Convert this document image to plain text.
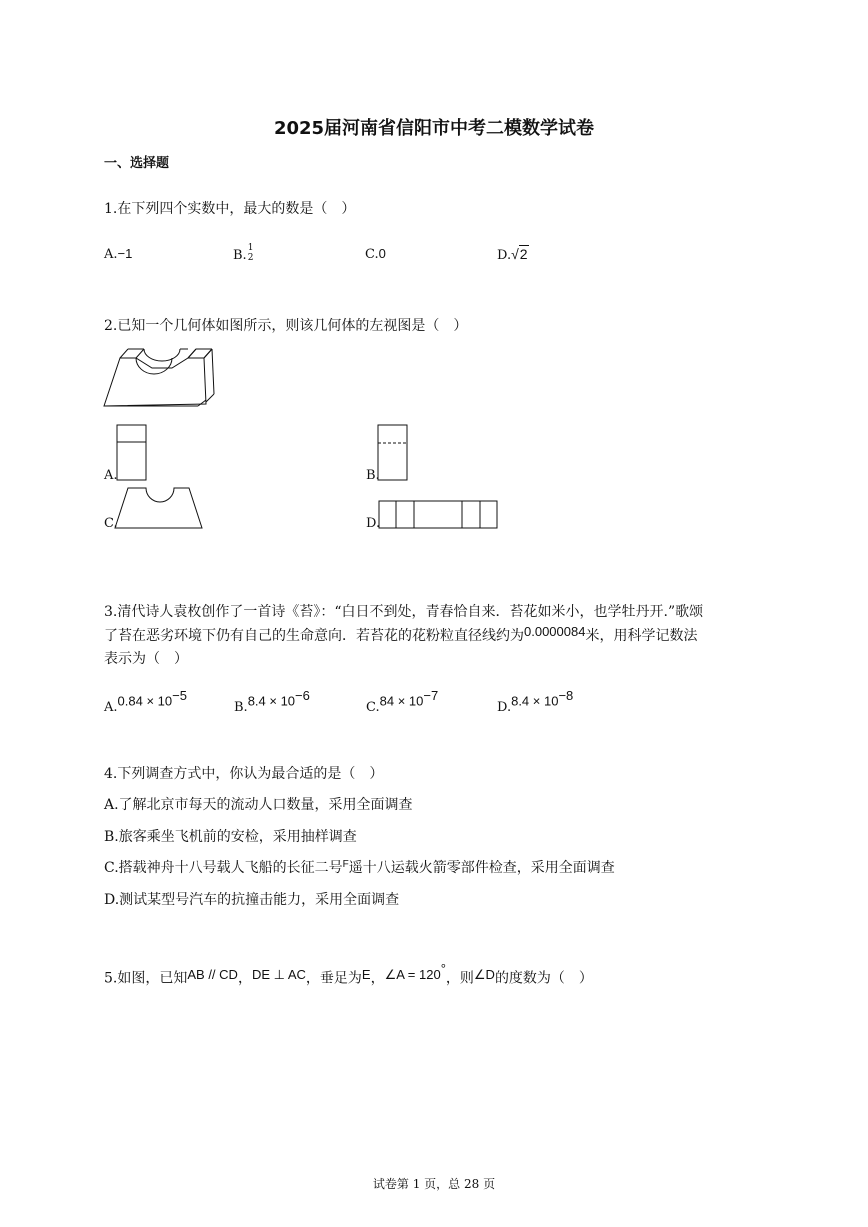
2025届河南省信阳市中考二模数学试卷
一、选择题
1.在下列四个实数中，最大的数是（　）
A.−1	B. 1
2	C.0	D.√2
2.已知一个几何体如图所示，则该几何体的左视图是（　）
A.	B.
C.	D.
3.清代诗人袁枚创作了一首诗《苔》：“白日不到处，青春恰自来．苔花如米小，也学牡丹开.”歌颂
了苔在恶劣环境下仍有自己的生命意向．若苔花的花粉粒直径线约为0.0000084米，用科学记数法
表示为（　）
$A.0.84 \times 10^{-5}$
$B.8.4 \times 10^{-6}$
$C.84 \times 10^{-7}$
$D.8.4 \times 10^{-8}$
4.下列调查方式中，你认为最合适的是（　）
A.了解北京市每天的流动人口数量，采用全面调查
B.旅客乘坐飞机前的安检，采用抽样调查
C.搭载神舟十八号载人飞船的长征二号$^F$遥十八运载火箭零部件检查，采用全面调查
D.测试某型号汽车的抗撞击能力，采用全面调查
5.如图，已知AB // CD，DE ⊥ AC，垂足为E，∠A = 120°，则∠D的度数为（　）
试卷第 1 页，总 28 页
